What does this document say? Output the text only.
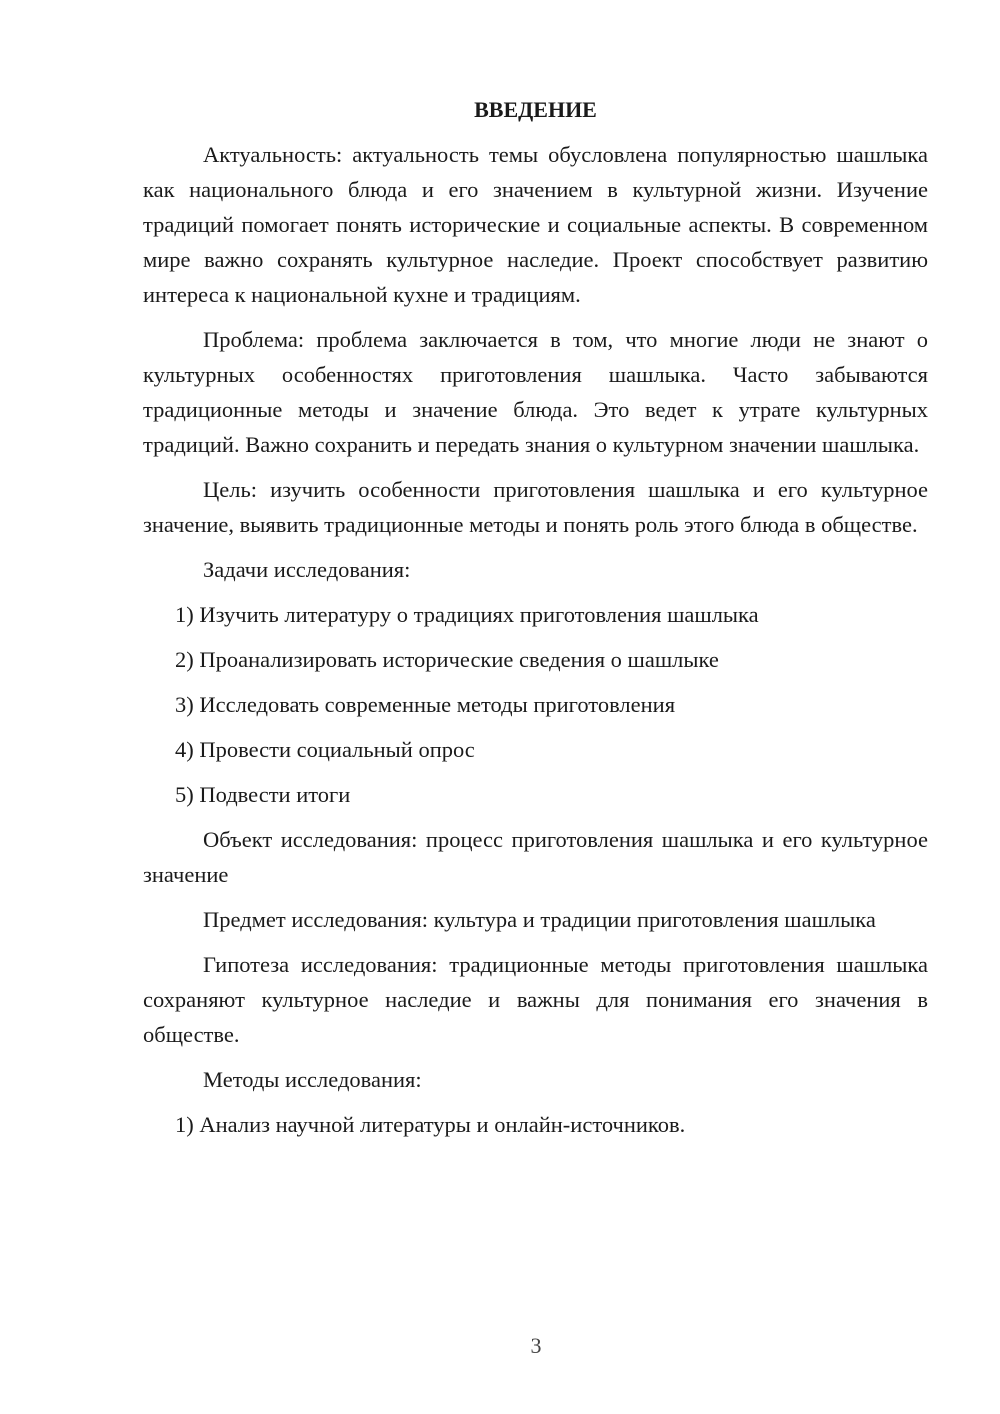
ВВЕДЕНИЕ

Актуальность: актуальность темы обусловлена популярностью шашлыка как национального блюда и его значением в культурной жизни. Изучение традиций помогает понять исторические и социальные аспекты. В современном мире важно сохранять культурное наследие. Проект способствует развитию интереса к национальной кухне и традициям.

Проблема: проблема заключается в том, что многие люди не знают о культурных особенностях приготовления шашлыка. Часто забываются традиционные методы и значение блюда. Это ведет к утрате культурных традиций. Важно сохранить и передать знания о культурном значении шашлыка.

Цель: изучить особенности приготовления шашлыка и его культурное значение, выявить традиционные методы и понять роль этого блюда в обществе.

Задачи исследования:

1) Изучить литературу о традициях приготовления шашлыка

2) Проанализировать исторические сведения о шашлыке

3) Исследовать современные методы приготовления

4) Провести социальный опрос

5) Подвести итоги

Объект исследования: процесс приготовления шашлыка и его культурное значение

Предмет исследования: культура и традиции приготовления шашлыка

Гипотеза исследования: традиционные методы приготовления шашлыка сохраняют культурное наследие и важны для понимания его значения в обществе.

Методы исследования:

1) Анализ научной литературы и онлайн-источников.

3
